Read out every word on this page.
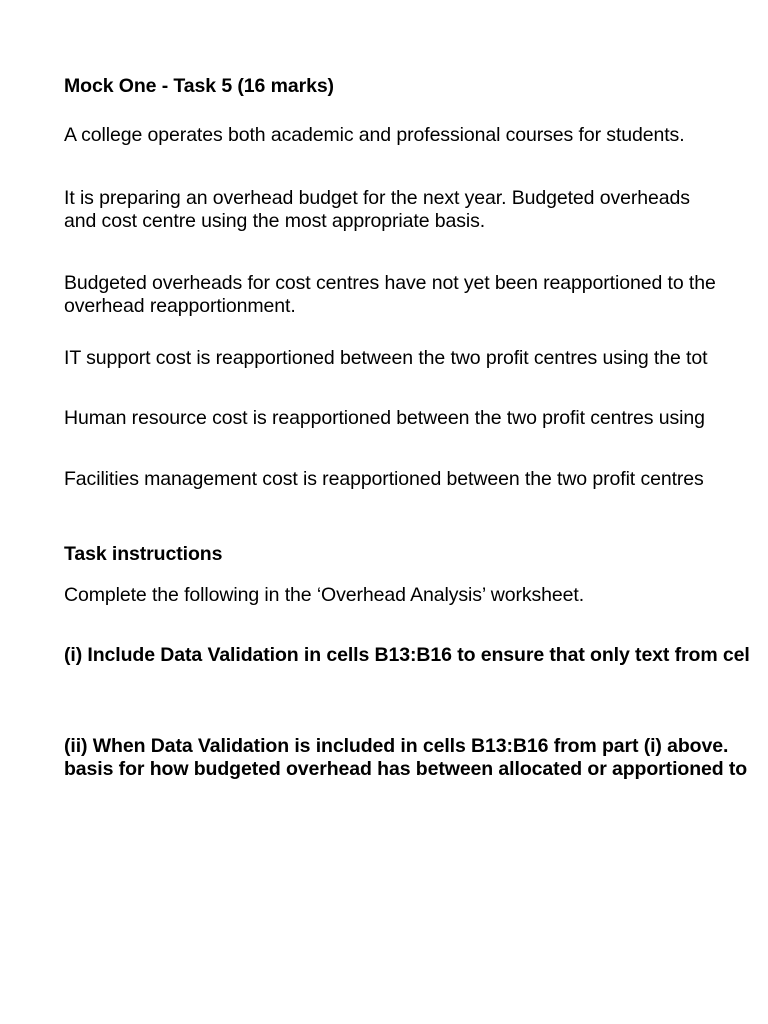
Mock One - Task 5 (16 marks)
A college operates both academic and professional courses for students.
It is preparing an overhead budget for the next year. Budgeted overheads
and cost centre using the most appropriate basis.
Budgeted overheads for cost centres have not yet been reapportioned to the
overhead reapportionment.
IT support cost is reapportioned between the two profit centres using the tot
Human resource cost is reapportioned between the two profit centres using
Facilities management cost is reapportioned between the two profit centres
Task instructions
Complete the following in the ‘Overhead Analysis’ worksheet.
(i) Include Data Validation in cells B13:B16 to ensure that only text from cel
(ii) When Data Validation is included in cells B13:B16 from part (i) above.
basis for how budgeted overhead has between allocated or apportioned to
